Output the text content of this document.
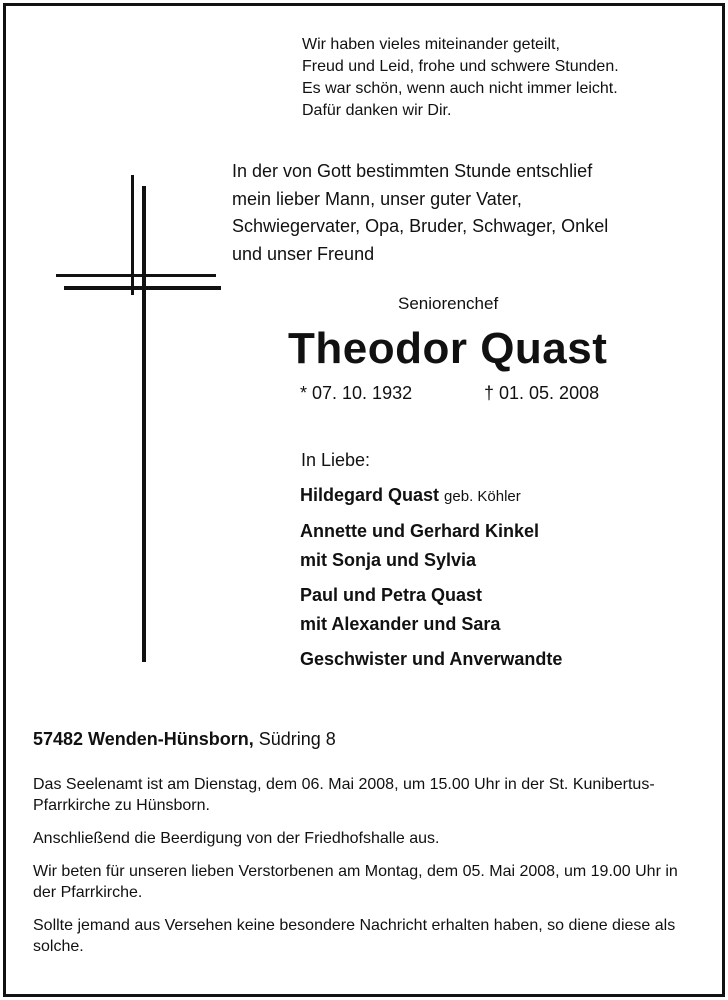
Wir haben vieles miteinander geteilt,
Freud und Leid, frohe und schwere Stunden.
Es war schön, wenn auch nicht immer leicht.
Dafür danken wir Dir.
In der von Gott bestimmten Stunde entschlief
mein lieber Mann, unser guter Vater,
Schwiegervater, Opa, Bruder, Schwager, Onkel
und unser Freund
Seniorenchef
Theodor Quast
* 07. 10. 1932	† 01. 05. 2008
In Liebe:
Hildegard Quast geb. Köhler
Annette und Gerhard Kinkel
mit Sonja und Sylvia
Paul und Petra Quast
mit Alexander und Sara
Geschwister und Anverwandte
57482 Wenden-Hünsborn, Südring 8

Das Seelenamt ist am Dienstag, dem 06. Mai 2008, um 15.00 Uhr in der St. Kunibertus-Pfarrkirche zu Hünsborn.

Anschließend die Beerdigung von der Friedhofshalle aus.

Wir beten für unseren lieben Verstorbenen am Montag, dem 05. Mai 2008, um 19.00 Uhr in der Pfarrkirche.

Sollte jemand aus Versehen keine besondere Nachricht erhalten haben, so diene diese als solche.
